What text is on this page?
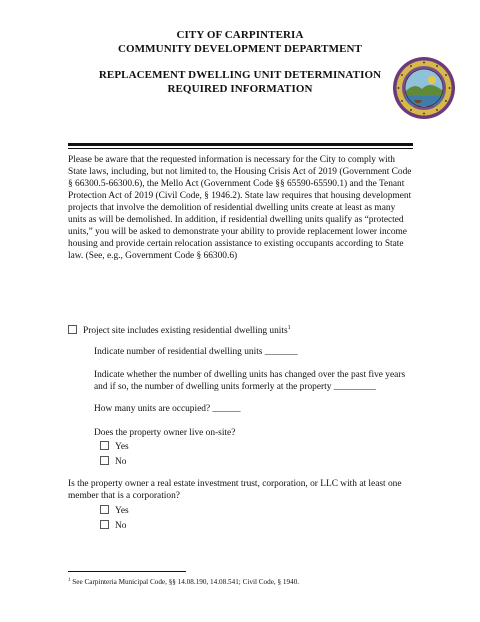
CITY OF CARPINTERIA
COMMUNITY DEVELOPMENT DEPARTMENT
REPLACEMENT DWELLING UNIT DETERMINATION
REQUIRED INFORMATION
Please be aware that the requested information is necessary for the City to comply with State laws, including, but not limited to, the Housing Crisis Act of 2019 (Government Code § 66300.5-66300.6), the Mello Act (Government Code §§ 65590-65590.1) and the Tenant Protection Act of 2019 (Civil Code, § 1946.2). State law requires that housing development projects that involve the demolition of residential dwelling units create at least as many units as will be demolished. In addition, if residential dwelling units qualify as “protected units,” you will be asked to demonstrate your ability to provide replacement lower income housing and provide certain relocation assistance to existing occupants according to State law. (See, e.g., Government Code § 66300.6)
Project site includes existing residential dwelling units$^1$
Indicate number of residential dwelling units _______
Indicate whether the number of dwelling units has changed over the past five years
and if so, the number of dwelling units formerly at the property _________
How many units are occupied? ______
Does the property owner live on-site?
Yes
No
Is the property owner a real estate investment trust, corporation, or LLC with at least one
member that is a corporation?
Yes
No
$^1$ See Carpinteria Municipal Code, §§ 14.08.190, 14.08.541; Civil Code, § 1940.
